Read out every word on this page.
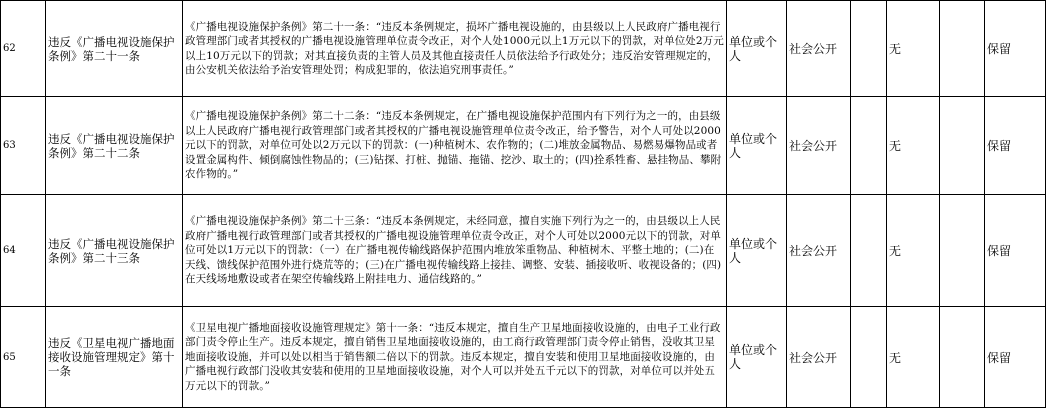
62	违反《广播电视设施保护条例》第二十一条	《广播电视设施保护条例》第二十一条：“违反本条例规定，损坏广播电视设施的，由县级以上人民政府广播电视行政管理部门或者其授权的广播电视设施管理单位责令改正，对个人处1000元以上1万元以下的罚款，对单位处2万元以上10万元以下的罚款；对其直接负责的主管人员及其他直接责任人员依法给予行政处分；违反治安管理规定的，由公安机关依法给予治安管理处罚；构成犯罪的，依法追究刑事责任。”	单位或个人	社会公开		无		保留
63	违反《广播电视设施保护条例》第二十二条	《广播电视设施保护条例》第二十二条：“违反本条例规定，在广播电视设施保护范围内有下列行为之一的，由县级以上人民政府广播电视行政管理部门或者其授权的广播电视设施管理单位责令改正，给予警告，对个人可处以2000元以下的罚款，对单位可处以2万元以下的罚款：(一)种植树木、农作物的；(二)堆放金属物品、易燃易爆物品或者设置金属构件、倾倒腐蚀性物品的；(三)钻探、打桩、抛锚、拖锚、挖沙、取土的；(四)拴系牲畜、悬挂物品、攀附农作物的。”	单位或个人	社会公开		无		保留
64	违反《广播电视设施保护条例》第二十三条	《广播电视设施保护条例》第二十三条：“违反本条例规定，未经同意，擅自实施下列行为之一的，由县级以上人民政府广播电视行政管理部门或者其授权的广播电视设施管理单位责令改正，对个人可处以2000元以下的罚款，对单位可处以1万元以下的罚款：（一）在广播电视传输线路保护范围内堆放笨重物品、种植树木、平整土地的；(二)在天线、馈线保护范围外进行烧荒等的；(三)在广播电视传输线路上接挂、调整、安装、插接收听、收视设备的；(四)在天线场地敷设或者在架空传输线路上附挂电力、通信线路的。”	单位或个人	社会公开		无		保留
65	违反《卫星电视广播地面接收设施管理规定》第十一条	《卫星电视广播地面接收设施管理规定》第十一条：“违反本规定，擅自生产卫星地面接收设施的，由电子工业行政部门责令停止生产。违反本规定，擅自销售卫星地面接收设施的，由工商行政管理部门责令停止销售，没收其卫星地面接收设施，并可以处以相当于销售额二倍以下的罚款。违反本规定，擅自安装和使用卫星地面接收设施的，由广播电视行政部门没收其安装和使用的卫星地面接收设施，对个人可以并处五千元以下的罚款，对单位可以并处五万元以下的罚款。”	单位或个人	社会公开		无		保留
